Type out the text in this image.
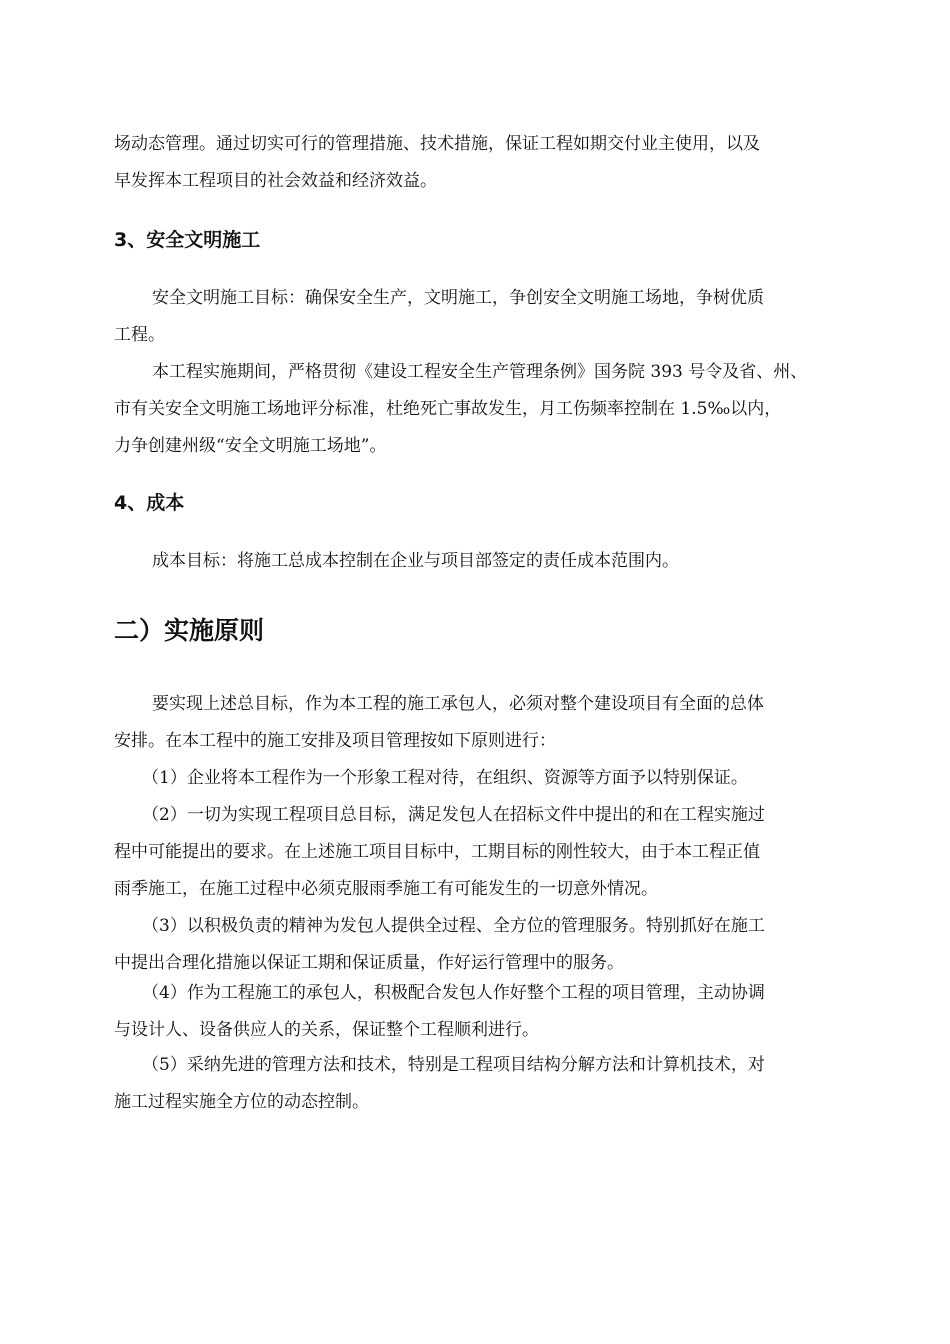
场动态管理。通过切实可行的管理措施、技术措施，保证工程如期交付业主使用，以及
早发挥本工程项目的社会效益和经济效益。
3、安全文明施工
安全文明施工目标：确保安全生产，文明施工，争创安全文明施工场地，争树优质
工程。
本工程实施期间，严格贯彻《建设工程安全生产管理条例》国务院 393 号令及省、州、
市有关安全文明施工场地评分标准，杜绝死亡事故发生，月工伤频率控制在 1.5‰以内，
力争创建州级“安全文明施工场地”。
4、成本
成本目标：将施工总成本控制在企业与项目部签定的责任成本范围内。
二）实施原则
要实现上述总目标，作为本工程的施工承包人，必须对整个建设项目有全面的总体
安排。在本工程中的施工安排及项目管理按如下原则进行：
（1）企业将本工程作为一个形象工程对待，在组织、资源等方面予以特别保证。
（2）一切为实现工程项目总目标，满足发包人在招标文件中提出的和在工程实施过
程中可能提出的要求。在上述施工项目目标中，工期目标的刚性较大，由于本工程正值
雨季施工，在施工过程中必须克服雨季施工有可能发生的一切意外情况。
（3）以积极负责的精神为发包人提供全过程、全方位的管理服务。特别抓好在施工
中提出合理化措施以保证工期和保证质量，作好运行管理中的服务。
（4）作为工程施工的承包人，积极配合发包人作好整个工程的项目管理，主动协调
与设计人、设备供应人的关系，保证整个工程顺利进行。
（5）采纳先进的管理方法和技术，特别是工程项目结构分解方法和计算机技术，对
施工过程实施全方位的动态控制。
